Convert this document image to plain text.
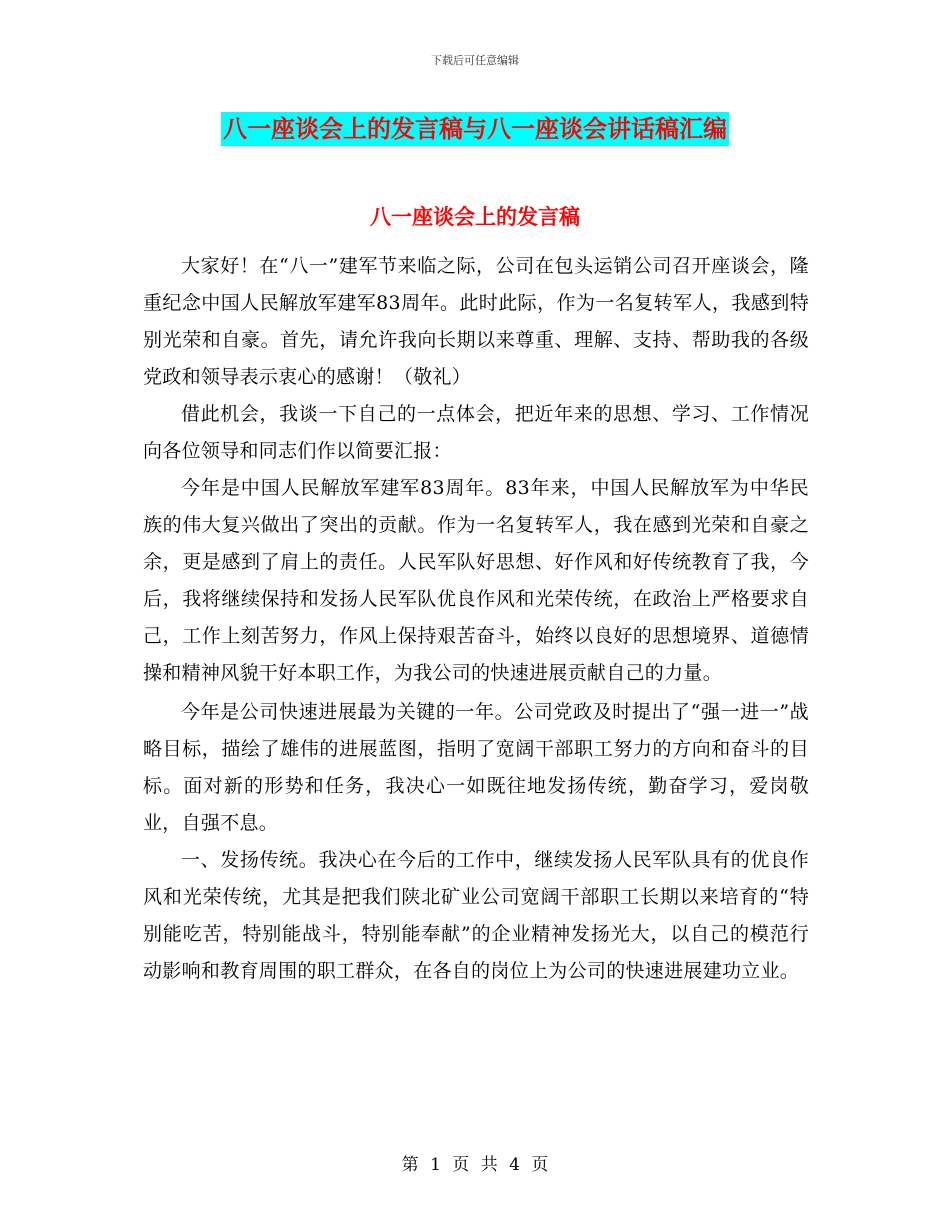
下载后可任意编辑
八一座谈会上的发言稿与八一座谈会讲话稿汇编
八一座谈会上的发言稿

大家好！在“八一”建军节来临之际，公司在包头运销公司召开座谈会，隆重纪念中国人民解放军建军83周年。此时此际，作为一名复转军人，我感到特别光荣和自豪。首先，请允许我向长期以来尊重、理解、支持、帮助我的各级党政和领导表示衷心的感谢！（敬礼）

借此机会，我谈一下自己的一点体会，把近年来的思想、学习、工作情况向各位领导和同志们作以简要汇报：

今年是中国人民解放军建军83周年。83年来，中国人民解放军为中华民族的伟大复兴做出了突出的贡献。作为一名复转军人，我在感到光荣和自豪之余，更是感到了肩上的责任。人民军队好思想、好作风和好传统教育了我，今后，我将继续保持和发扬人民军队优良作风和光荣传统，在政治上严格要求自己，工作上刻苦努力，作风上保持艰苦奋斗，始终以良好的思想境界、道德情操和精神风貌干好本职工作，为我公司的快速进展贡献自己的力量。

今年是公司快速进展最为关键的一年。公司党政及时提出了“强一进一”战略目标，描绘了雄伟的进展蓝图，指明了宽阔干部职工努力的方向和奋斗的目标。面对新的形势和任务，我决心一如既往地发扬传统，勤奋学习，爱岗敬业，自强不息。

一、发扬传统。我决心在今后的工作中，继续发扬人民军队具有的优良作风和光荣传统，尤其是把我们陕北矿业公司宽阔干部职工长期以来培育的“特别能吃苦，特别能战斗，特别能奉献”的企业精神发扬光大，以自己的模范行动影响和教育周围的职工群众，在各自的岗位上为公司的快速进展建功立业。

第 1 页 共 4 页
